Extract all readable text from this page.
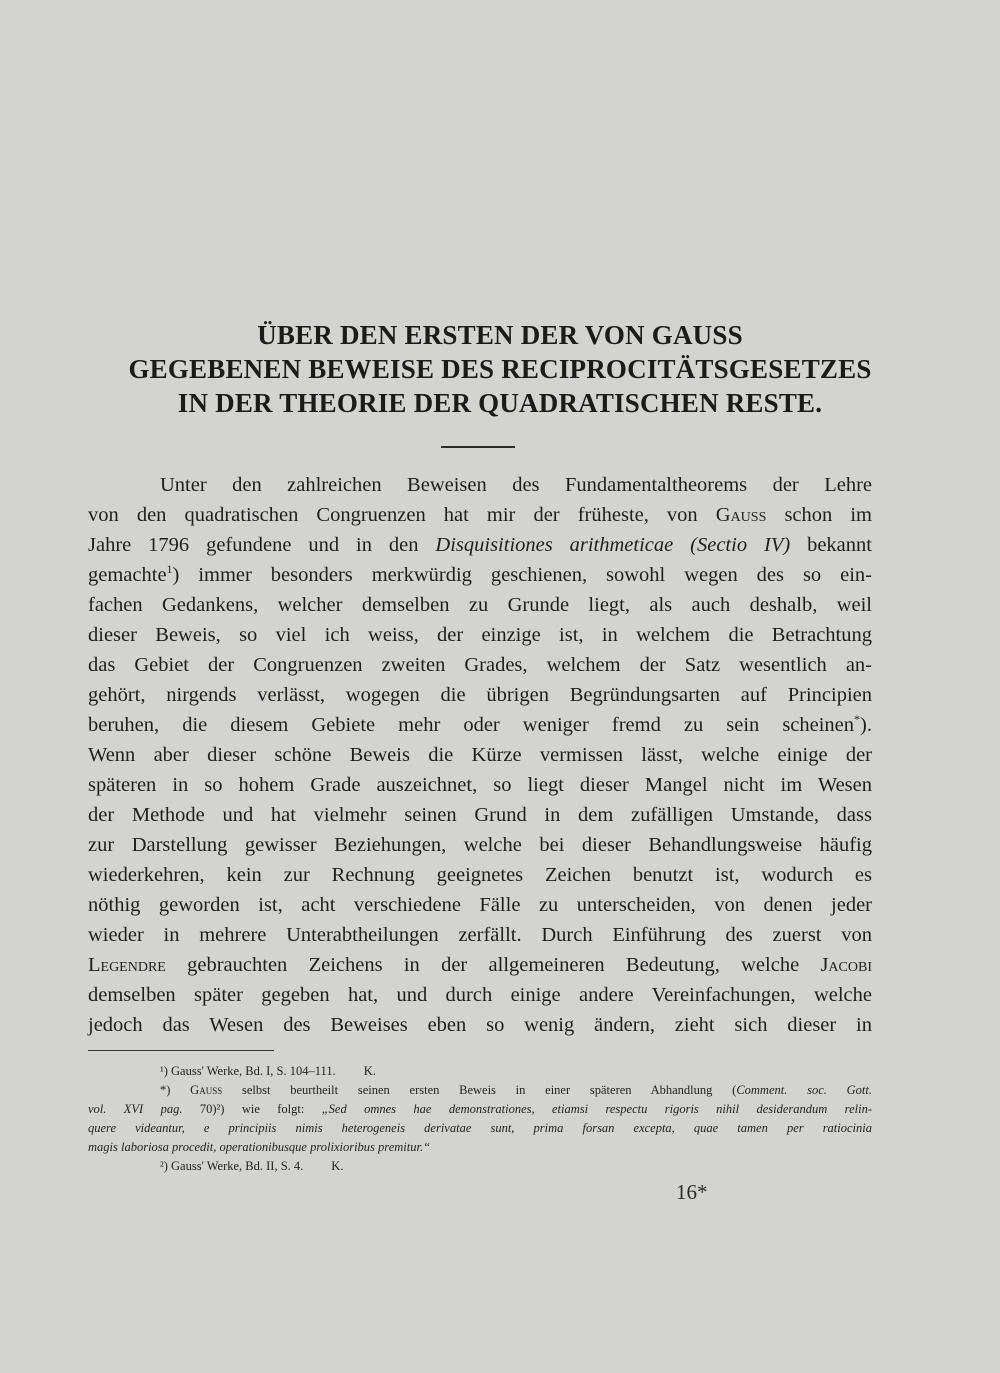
ÜBER DEN ERSTEN DER VON GAUSS
GEGEBENEN BEWEISE DES RECIPROCITÄTSGESETZES
IN DER THEORIE DER QUADRATISCHEN RESTE.
Unter den zahlreichen Beweisen des Fundamentaltheorems der Lehre
von den quadratischen Congruenzen hat mir der früheste, von Gauss schon im
Jahre 1796 gefundene und in den Disquisitiones arithmeticae (Sectio IV) bekannt
gemachte$^1$) immer besonders merkwürdig geschienen, sowohl wegen des so ein-
fachen Gedankens, welcher demselben zu Grunde liegt, als auch deshalb, weil
dieser Beweis, so viel ich weiss, der einzige ist, in welchem die Betrachtung
das Gebiet der Congruenzen zweiten Grades, welchem der Satz wesentlich an-
gehört, nirgends verlässt, wogegen die übrigen Begründungsarten auf Principien
beruhen, die diesem Gebiete mehr oder weniger fremd zu sein scheinen*).
Wenn aber dieser schöne Beweis die Kürze vermissen lässt, welche einige der
späteren in so hohem Grade auszeichnet, so liegt dieser Mangel nicht im Wesen
der Methode und hat vielmehr seinen Grund in dem zufälligen Umstande, dass
zur Darstellung gewisser Beziehungen, welche bei dieser Behandlungsweise häufig
wiederkehren, kein zur Rechnung geeignetes Zeichen benutzt ist, wodurch es
nöthig geworden ist, acht verschiedene Fälle zu unterscheiden, von denen jeder
wieder in mehrere Unterabtheilungen zerfällt. Durch Einführung des zuerst von
Legendre gebrauchten Zeichens in der allgemeineren Bedeutung, welche Jacobi
demselben später gegeben hat, und durch einige andere Vereinfachungen, welche
jedoch das Wesen des Beweises eben so wenig ändern, zieht sich dieser in
¹) Gauss' Werke, Bd. I, S. 104–111. K.
*) Gauss selbst beurtheilt seinen ersten Beweis in einer späteren Abhandlung (Comment. soc. Gott.
vol. XVI pag. 70)²) wie folgt: „Sed omnes hae demonstrationes, etiamsi respectu rigoris nihil desiderandum relin-
quere videantur, e principiis nimis heterogeneis derivatae sunt, prima forsan excepta, quae tamen per ratiocinia
magis laboriosa procedit, operationibusque prolixioribus premitur.“
²) Gauss' Werke, Bd. II, S. 4. K.
16*
